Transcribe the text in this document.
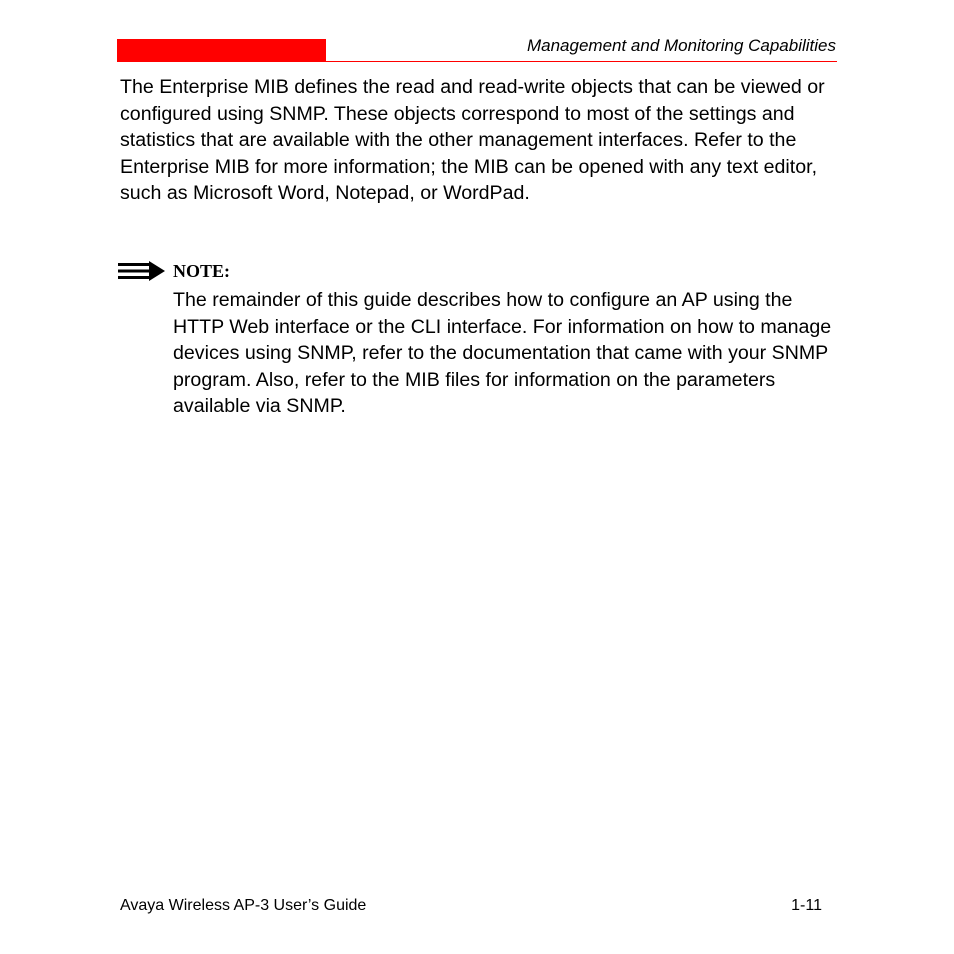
Management and Monitoring Capabilities

The Enterprise MIB defines the read and read-write objects that can be viewed or configured using SNMP. These objects correspond to most of the settings and statistics that are available with the other management interfaces. Refer to the Enterprise MIB for more information; the MIB can be opened with any text editor, such as Microsoft Word, Notepad, or WordPad.

NOTE:

The remainder of this guide describes how to configure an AP using the HTTP Web interface or the CLI interface. For information on how to manage devices using SNMP, refer to the documentation that came with your SNMP program. Also, refer to the MIB files for information on the parameters available via SNMP.

Avaya Wireless AP-3 User’s Guide	1-11
